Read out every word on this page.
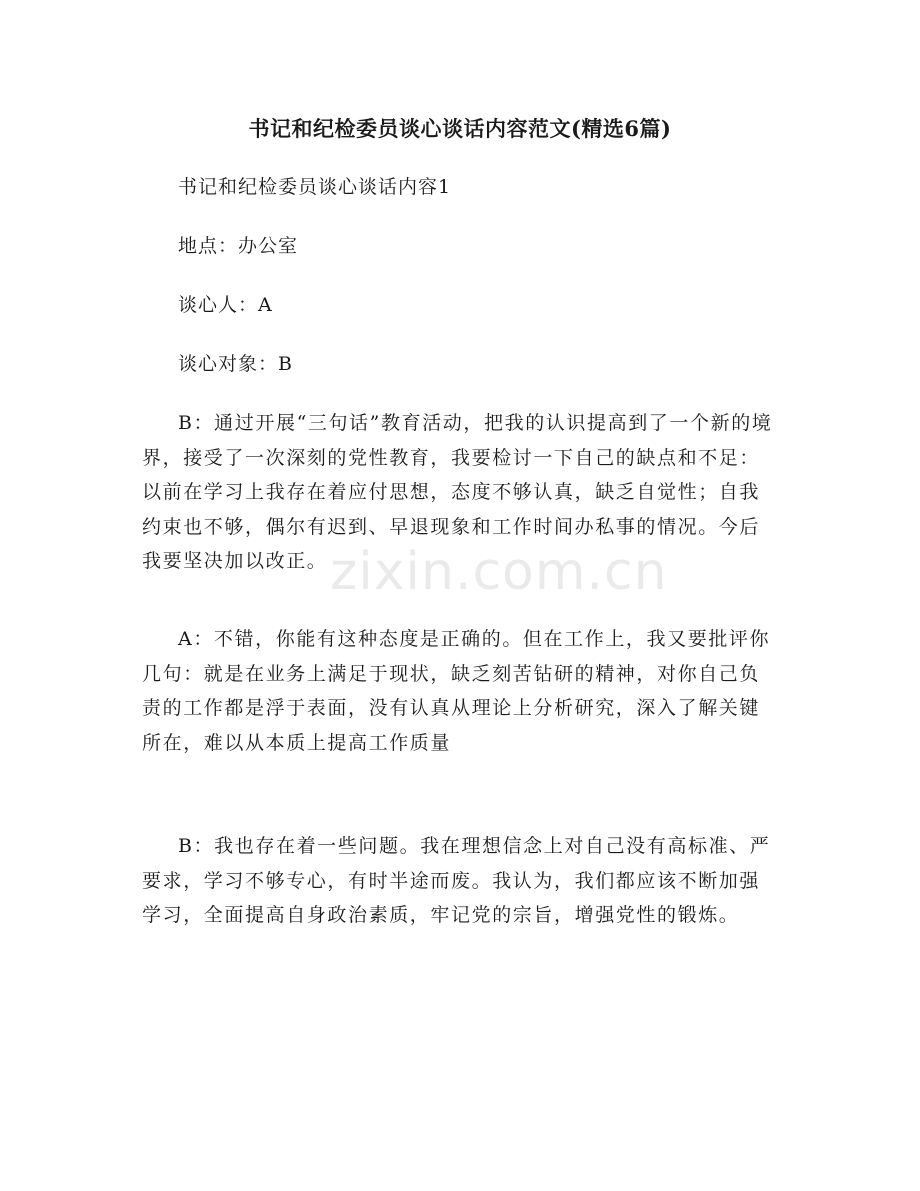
书记和纪检委员谈心谈话内容范文(精选6篇)
书记和纪检委员谈心谈话内容1
地点：办公室
谈心人：A
谈心对象：B
B：通过开展“三句话”教育活动，把我的认识提高到了一个新的境界，接受了一次深刻的党性教育，我要检讨一下自己的缺点和不足：以前在学习上我存在着应付思想，态度不够认真，缺乏自觉性；自我约束也不够，偶尔有迟到、早退现象和工作时间办私事的情况。今后我要坚决加以改正。
A：不错，你能有这种态度是正确的。但在工作上，我又要批评你几句：就是在业务上满足于现状，缺乏刻苦钻研的精神，对你自己负责的工作都是浮于表面，没有认真从理论上分析研究，深入了解关键所在，难以从本质上提高工作质量
B：我也存在着一些问题。我在理想信念上对自己没有高标准、严要求，学习不够专心，有时半途而废。我认为，我们都应该不断加强学习，全面提高自身政治素质，牢记党的宗旨，增强党性的锻炼。
zixin.com.cn
